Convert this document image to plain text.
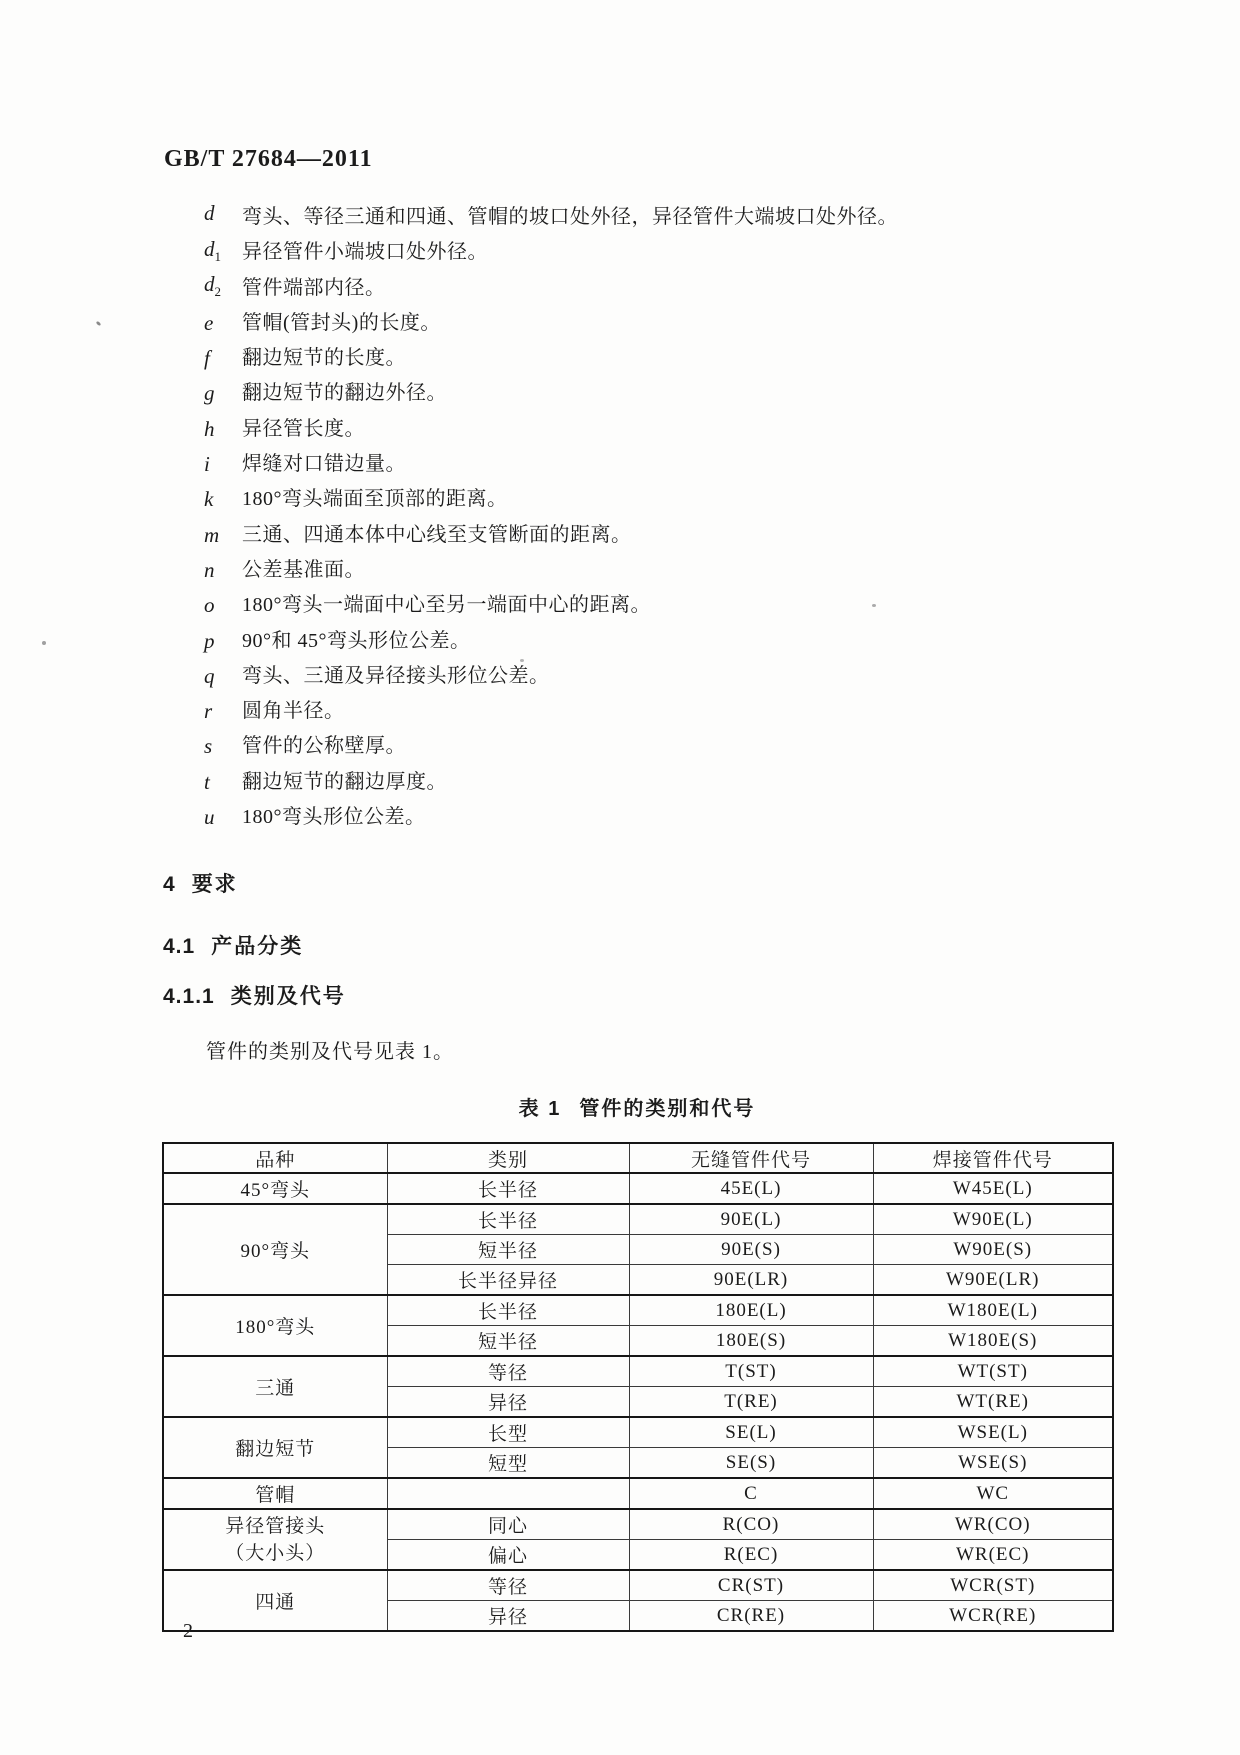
GB/T 27684—2011
d	弯头、等径三通和四通、管帽的坡口处外径，异径管件大端坡口处外径。
$d_1$	异径管件小端坡口处外径。
$d_2$	管件端部内径。
e	管帽(管封头)的长度。
f	翻边短节的长度。
g	翻边短节的翻边外径。
h	异径管长度。
i	焊缝对口错边量。
k	180°弯头端面至顶部的距离。
m	三通、四通本体中心线至支管断面的距离。
n	公差基准面。
o	180°弯头一端面中心至另一端面中心的距离。
p	90°和 45°弯头形位公差。
q	弯头、三通及异径接头形位公差。
r	圆角半径。
s	管件的公称壁厚。
t	翻边短节的翻边厚度。
u	180°弯头形位公差。
4 要求
4.1 产品分类
4.1.1 类别及代号
管件的类别及代号见表 1。
表 1 管件的类别和代号
品种	类别	无缝管件代号	焊接管件代号
45°弯头	长半径	45E(L)	W45E(L)
90°弯头	长半径	90E(L)	W90E(L)
	短半径	90E(S)	W90E(S)
	长半径异径	90E(LR)	W90E(LR)
180°弯头	长半径	180E(L)	W180E(L)
	短半径	180E(S)	W180E(S)
三通	等径	T(ST)	WT(ST)
	异径	T(RE)	WT(RE)
翻边短节	长型	SE(L)	WSE(L)
	短型	SE(S)	WSE(S)
管帽		C	WC

异径管接头
（大小头）	同心	R(CO)	WR(CO)
	偏心	R(EC)	WR(EC)
四通	等径	CR(ST)	WCR(ST)
	异径	CR(RE)	WCR(RE)
2
